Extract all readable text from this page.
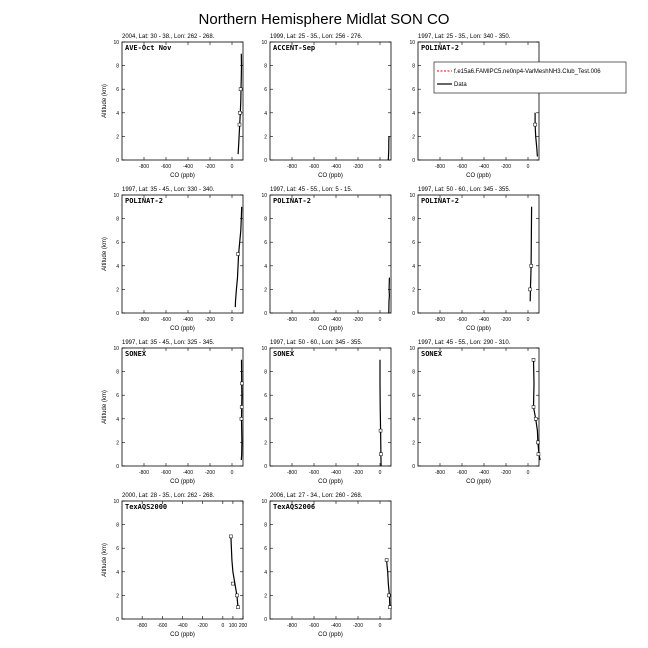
Northern Hemisphere Midlat SON CO
2004, Lat: 30 - 38., Lon: 262 - 268.
AVE-Oct Nov
-800 -600 -400 -200	0
0
2
4
6
8
10
CO (ppb)
Altitude (km)
1999, Lat: 25 - 35., Lon: 256 - 276.
ACCENT-Sep
-800 -600 -400 -200	0
0
2
4
6
8
10
CO (ppb)
1997, Lat: 25 - 35., Lon: 340 - 350.
POLINAT-2
-800 -600 -400 -200	0
0
2
4
6
8
10
CO (ppb)
1997, Lat: 35 - 45., Lon: 330 - 340.
POLINAT-2
-800 -600 -400 -200	0
0
2
4
6
8
10
CO (ppb)
Altitude (km)
1997, Lat: 45 - 55., Lon: 5 - 15.
POLINAT-2
-800 -600 -400 -200	0
0
2
4
6
8
10
CO (ppb)
1997, Lat: 50 - 60., Lon: 345 - 355.
POLINAT-2
-800 -600 -400 -200	0
0
2
4
6
8
10
CO (ppb)
1997, Lat: 35 - 45., Lon: 325 - 345.
SONEX
-800 -600 -400 -200	0
0
2
4
6
8
10
CO (ppb)
Altitude (km)
1997, Lat: 50 - 60., Lon: 345 - 355.
SONEX
-800 -600 -400 -200	0
0
2
4
6
8
10
CO (ppb)
1997, Lat: 45 - 55., Lon: 290 - 310.
SONEX
-800 -600 -400 -200	0
0
2
4
6
8
10
CO (ppb)
2000, Lat: 28 - 35., Lon: 262 - 268.
TexAQS2000
-800 -600 -400 -200	0 100 200
0
2
4
6
8
10
CO (ppb)
Altitude (km)
2006, Lat: 27 - 34., Lon: 260 - 268.
TexAQS2006
-800 -600 -400 -200	0
0
2
4
6
8
10
CO (ppb)
f.e15a6.FAMIPC5.ne0np4-VarMeshNH3.Club_Test.006
Data
